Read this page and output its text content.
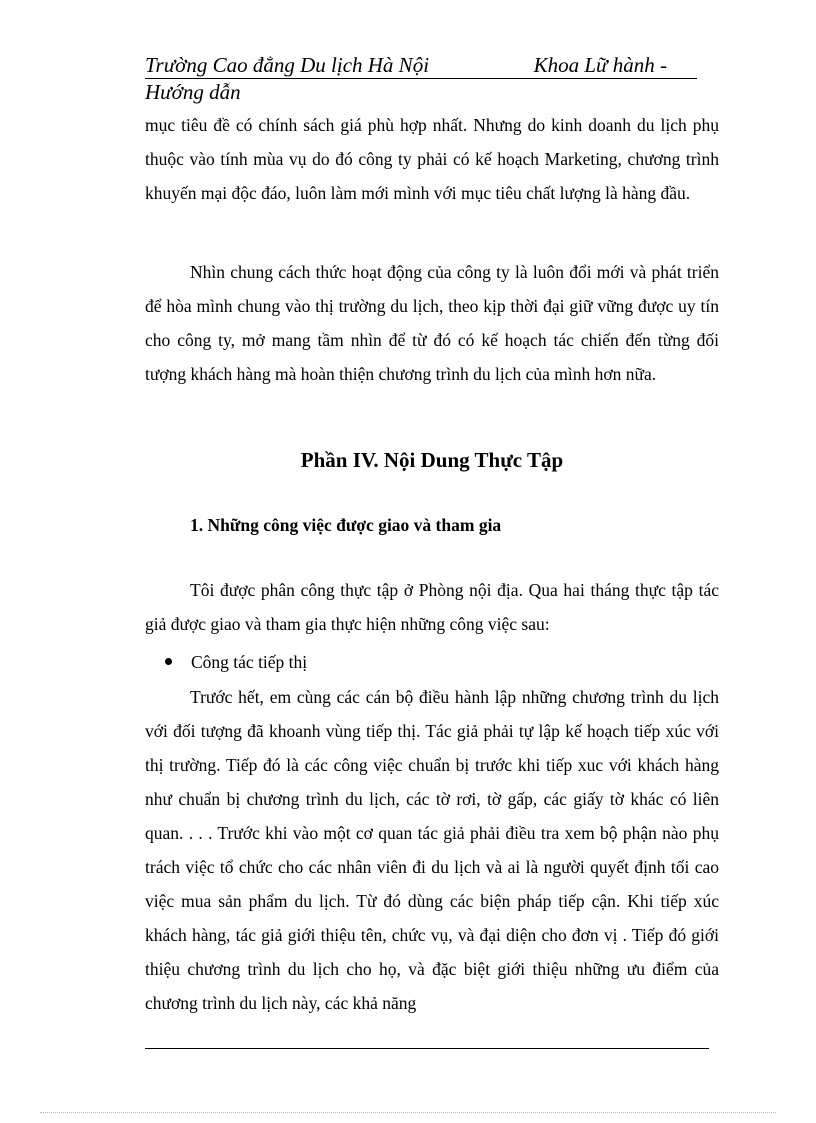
Trường Cao đẳng Du lịch Hà Nội	Khoa Lữ hành -
Hướng dẫn
mục tiêu đề có chính sách giá phù hợp nhất. Nhưng do kinh doanh du lịch phụ thuộc vào tính mùa vụ do đó công ty phải có kế hoạch Marketing, chương trình khuyến mại độc đáo, luôn làm mới mình với mục tiêu chất lượng là hàng đầu.
Nhìn chung cách thức hoạt động của công ty là luôn đổi mới và phát triển để hòa mình chung vào thị trường du lịch, theo kịp thời đại giữ vững được uy tín cho công ty, mở mang tầm nhìn để từ đó có kế hoạch tác chiến đến từng đối tượng khách hàng mà hoàn thiện chương trình du lịch của mình hơn nữa.
Phần IV. Nội Dung Thực Tập
1. Những công việc được giao và tham gia
Tôi được phân công thực tập ở Phòng nội địa. Qua hai tháng thực tập tác giả được giao và tham gia thực hiện những công việc sau:
Công tác tiếp thị
Trước hết, em cùng các cán bộ điều hành lập những chương trình du lịch với đối tượng đã khoanh vùng tiếp thị. Tác giả phải tự lập kế hoạch tiếp xúc với thị trường. Tiếp đó là các công việc chuẩn bị trước khi tiếp xuc với khách hàng như chuẩn bị chương trình du lịch, các tờ rơi, tờ gấp, các giấy tờ khác có liên quan. . . . Trước khi vào một cơ quan tác giả phải điều tra xem bộ phận nào phụ trách việc tổ chức cho các nhân viên đi du lịch và ai là người quyết định tối cao việc mua sản phẩm du lịch. Từ đó dùng các biện pháp tiếp cận. Khi tiếp xúc khách hàng, tác giả giới thiệu tên, chức vụ, và đại diện cho đơn vị . Tiếp đó giới thiệu chương trình du lịch cho họ, và đặc biệt giới thiệu những ưu điểm của chương trình du lịch này, các khả năng
